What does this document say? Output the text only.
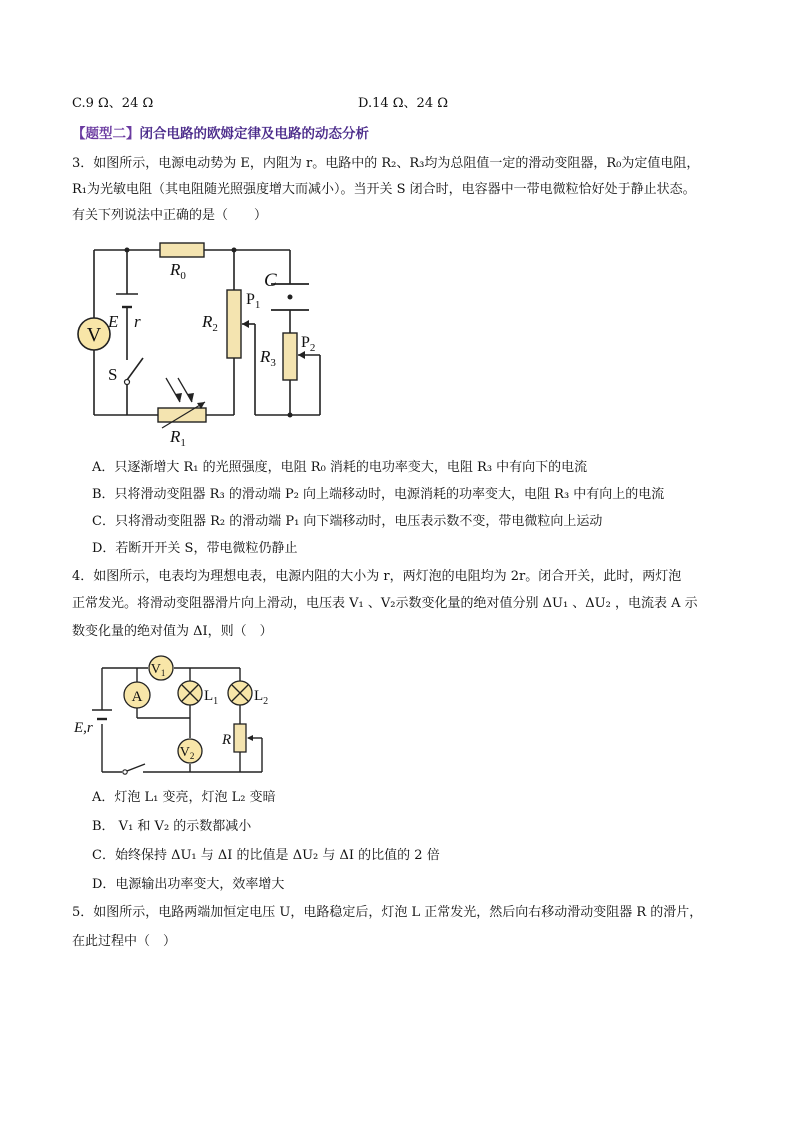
C.9 Ω、24 Ω	D.14 Ω、24 Ω
【题型二】闭合电路的欧姆定律及电路的动态分析
3．如图所示，电源电动势为 E，内阻为 r。电路中的 R₂、R₃均为总阻值一定的滑动变阻器，R₀为定值电阻，
R₁为光敏电阻（其电阻随光照强度增大而减小）。当开关 S 闭合时，电容器中一带电微粒恰好处于静止状态。
有关下列说法中正确的是（　　）
V
$R_0$
$R_1$
$R_2$
$R_3$
C
$P_1$
$P_2$
E r
S
A．只逐渐增大 R₁ 的光照强度，电阻 R₀ 消耗的电功率变大，电阻 R₃ 中有向下的电流
B．只将滑动变阻器 R₃ 的滑动端 P₂ 向上端移动时，电源消耗的功率变大，电阻 R₃ 中有向上的电流
C．只将滑动变阻器 R₂ 的滑动端 P₁ 向下端移动时，电压表示数不变，带电微粒向上运动
D．若断开开关 S，带电微粒仍静止
4．如图所示，电表均为理想电表，电源内阻的大小为 r，两灯泡的电阻均为 2r。闭合开关，此时，两灯泡
正常发光。将滑动变阻器滑片向上滑动，电压表 V₁ 、V₂示数变化量的绝对值分别 ΔU₁ 、ΔU₂ ，电流表 A 示
数变化量的绝对值为 ΔI，则（　）
$V_1$
A	$L_1$ $L_2$
$V_2$
R
E,r
A．灯泡 L₁ 变亮，灯泡 L₂ 变暗
B． V₁ 和 V₂ 的示数都减小
C．始终保持 ΔU₁ 与 ΔI 的比值是 ΔU₂ 与 ΔI 的比值的 2 倍
D．电源输出功率变大，效率增大
5．如图所示，电路两端加恒定电压 U，电路稳定后，灯泡 L 正常发光，然后向右移动滑动变阻器 R 的滑片，
在此过程中（　）
